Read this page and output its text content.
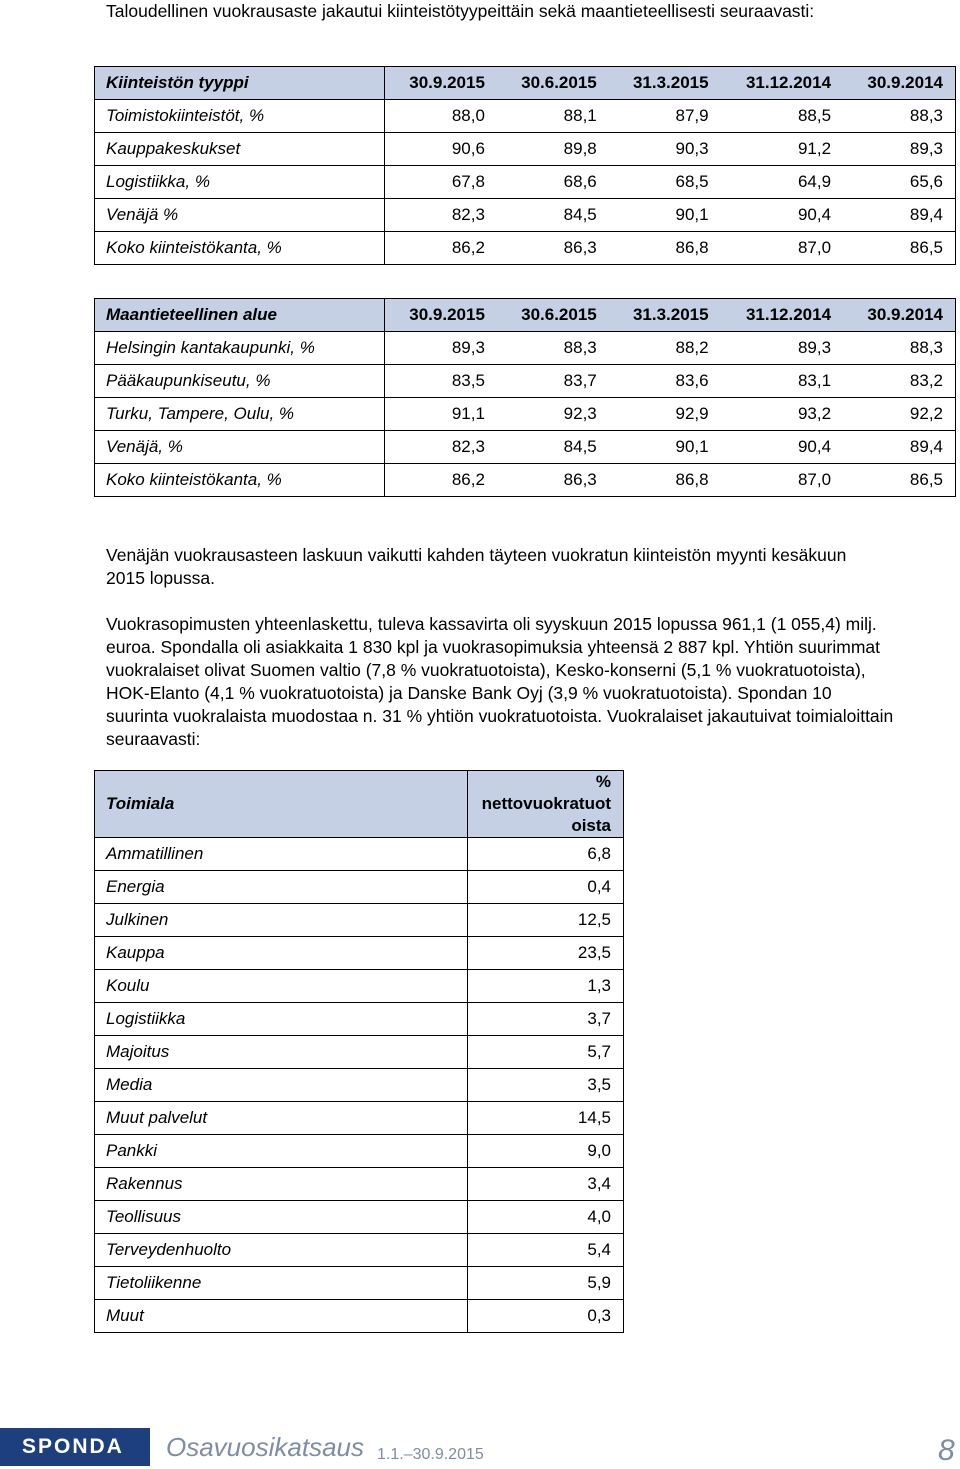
Taloudellinen vuokrausaste jakautui kiinteistötyypeittäin sekä maantieteellisesti seuraavasti:

Kiinteistön tyyppi	30.9.2015	30.6.2015	31.3.2015	31.12.2014	30.9.2014
Toimistokiinteistöt, %	88,0	88,1	87,9	88,5	88,3
Kauppakeskukset	90,6	89,8	90,3	91,2	89,3
Logistiikka, %	67,8	68,6	68,5	64,9	65,6
Venäjä %	82,3	84,5	90,1	90,4	89,4
Koko kiinteistökanta, %	86,2	86,3	86,8	87,0	86,5
Maantieteellinen alue	30.9.2015	30.6.2015	31.3.2015	31.12.2014	30.9.2014
Helsingin kantakaupunki, %	89,3	88,3	88,2	89,3	88,3
Pääkaupunkiseutu, %	83,5	83,7	83,6	83,1	83,2
Turku, Tampere, Oulu, %	91,1	92,3	92,9	93,2	92,2
Venäjä, %	82,3	84,5	90,1	90,4	89,4
Koko kiinteistökanta, %	86,2	86,3	86,8	87,0	86,5

Venäjän vuokrausasteen laskuun vaikutti kahden täyteen vuokratun kiinteistön myynti kesäkuun 2015 lopussa.

Vuokrasopimusten yhteenlaskettu, tuleva kassavirta oli syyskuun 2015 lopussa 961,1 (1 055,4) milj. euroa. Spondalla oli asiakkaita 1 830 kpl ja vuokrasopimuksia yhteensä 2 887 kpl. Yhtiön suurimmat vuokralaiset olivat Suomen valtio (7,8 % vuokratuotoista), Kesko-konserni (5,1 % vuokratuotoista), HOK-Elanto (4,1 % vuokratuotoista) ja Danske Bank Oyj (3,9 % vuokratuotoista). Spondan 10 suurinta vuokralaista muodostaa n. 31 % yhtiön vuokratuotoista. Vuokralaiset jakautuivat toimialoittain seuraavasti:

Toimiala	% nettovuokratuotoista
Ammatillinen	6,8
Energia	0,4
Julkinen	12,5
Kauppa	23,5
Koulu	1,3
Logistiikka	3,7
Majoitus	5,7
Media	3,5
Muut palvelut	14,5
Pankki	9,0
Rakennus	3,4
Teollisuus	4,0
Terveydenhuolto	5,4
Tietoliikenne	5,9
Muut	0,3
SPONDA Osavuosikatsaus 1.1.–30.9.2015	8
